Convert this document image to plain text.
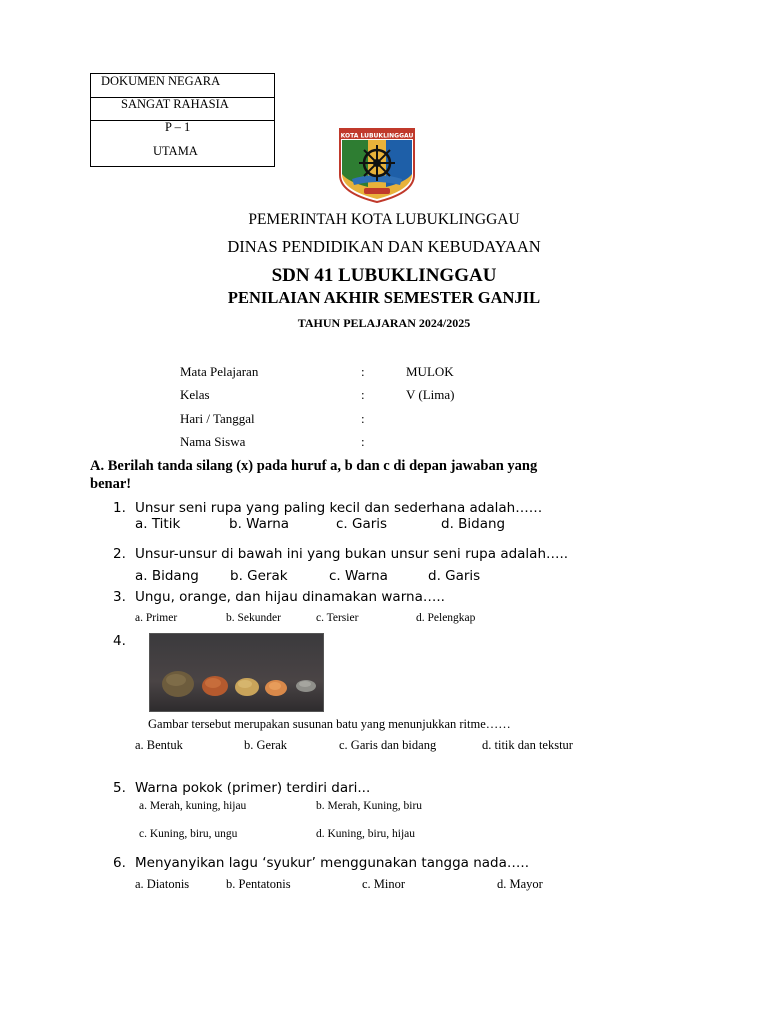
DOKUMEN NEGARA
SANGAT RAHASIA
P – 1
UTAMA
KOTA LUBUKLINGGAU
PEMERINTAH KOTA LUBUKLINGGAU
DINAS PENDIDIKAN DAN KEBUDAYAAN
SDN 41 LUBUKLINGGAU
PENILAIAN AKHIR SEMESTER GANJIL
TAHUN PELAJARAN 2024/2025
Mata Pelajaran	:	MULOK
Kelas	:	V (Lima)
Hari / Tanggal	:
Nama Siswa	:
A. Berilah tanda silang (x) pada huruf a, b dan c di depan jawaban yang
benar!
1. Unsur seni rupa yang paling kecil dan sederhana adalah……
a. Titik	b. Warna	c. Garis	d. Bidang
2. Unsur-unsur di bawah ini yang bukan unsur seni rupa adalah…..
a. Bidang b. Gerak	c. Warna	d. Garis
3. Ungu, orange, dan hijau dinamakan warna…..
a. Primer	b. Sekunder	c. Tersier	d. Pelengkap
4.
Gambar tersebut merupakan susunan batu yang menunjukkan ritme……
a. Bentuk	b. Gerak	c. Garis dan bidang	d. titik dan tekstur
5. Warna pokok (primer) terdiri dari...
a. Merah, kuning, hijau	b. Merah, Kuning, biru
c. Kuning, biru, ungu	d. Kuning, biru, hijau
6. Menyanyikan lagu ‘syukur’ menggunakan tangga nada…..
a. Diatonis	b. Pentatonis	c. Minor	d. Mayor
